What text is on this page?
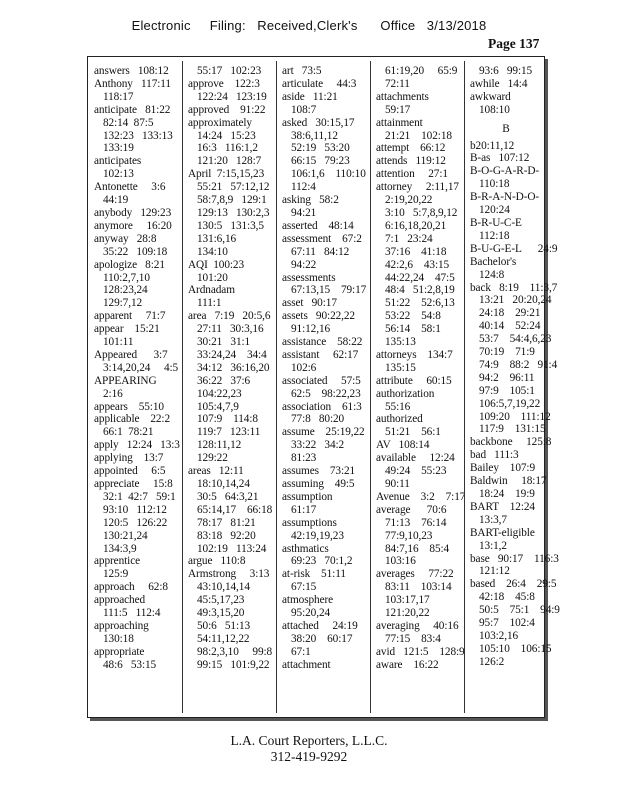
Electronic     Filing:   Received,Clerk's      Office   3/13/2018
Page 137
answers   108:12
Anthony   117:11
118:17
anticipate   81:22
82:14  87:5
132:23   133:13
133:19
anticipates
102:13
Antonette     3:6
44:19
anybody   129:23
anymore     16:20
anyway   28:8
35:22   109:18
apologize   8:21
110:2,7,10
128:23,24
129:7,12
apparent     71:7
appear    15:21
101:11
Appeared      3:7
3:14,20,24     4:5
APPEARING
2:16
appears    55:10
applicable    22:2
66:1  78:21
apply   12:24   13:3
applying    13:7
appointed     6:5
appreciate     15:8
32:1  42:7   59:1
93:10   112:12
120:5   126:22
130:21,24
134:3,9
apprentice
125:9
approach     62:8
approached
111:5   112:4
approaching
130:18
appropriate
48:6   53:15
55:17   102:23
approve    122:3
122:24   123:19
approved    91:22
approximately
14:24   15:23
16:3   116:1,2
121:20   128:7
April  7:15,15,23
55:21   57:12,12
58:7,8,9   129:1
129:13   130:2,3
130:5   131:3,5
131:6,16
134:10
AQI  100:23
101:20
Ardnadam
111:1
area   7:19   20:5,6
27:11   30:3,16
30:21   31:1
33:24,24    34:4
34:12   36:16,20
36:22   37:6
104:22,23
105:4,7,9
107:9    114:8
119:7   123:11
128:11,12
129:22
areas   12:11
18:10,14,24
30:5   64:3,21
65:14,17    66:18
78:17   81:21
83:18   92:20
102:19   113:24
argue   110:8
Armstrong     3:13
43:10,14,14
45:5,17,23
49:3,15,20
50:6   51:13
54:11,12,22
98:2,3,10     99:8
99:15   101:9,22
art   73:5
articulate     44:3
aside   11:21
108:7
asked   30:15,17
38:6,11,12
52:19   53:20
66:15   79:23
106:1,6    110:10
112:4
asking   58:2
94:21
asserted    48:14
assessment    67:2
67:11   84:12
94:22
assessments
67:13,15    79:17
asset   90:17
assets   90:22,22
91:12,16
assistance    58:22
assistant     62:17
102:6
associated     57:5
62:5    98:22,23
association    61:3
77:8   80:20
assume    25:19,22
33:22   34:2
81:23
assumes    73:21
assuming    49:5
assumption
61:17
assumptions
42:19,19,23
asthmatics
69:23   70:1,2
at-risk    51:11
67:15
atmosphere
95:20,24
attached     24:19
38:20    60:17
67:1
attachment
61:19,20     65:9
72:11
attachments
59:17
attainment
21:21    102:18
attempt    66:12
attends   119:12
attention     27:1
attorney     2:11,17
2:19,20,22
3:10   5:7,8,9,12
6:16,18,20,21
7:1   23:24
37:16    41:18
42:2,6    43:15
44:22,24    47:5
48:4   51:2,8,19
51:22    52:6,13
53:22    54:8
56:14    58:1
135:13
attorneys    134:7
135:15
attribute     60:15
authorization
55:16
authorized
51:21    56:1
AV   108:14
available     12:24
49:24    55:23
90:11
Avenue    3:2    7:17
average      70:6
71:13    76:14
77:9,10,23
84:7,16    85:4
103:16
averages     77:22
83:11    103:14
103:17,17
121:20,22
averaging     40:16
77:15    83:4
avid   121:5    128:9
aware    16:22
93:6   99:15
awhile   14:4
awkward
108:10
B
b20:11,12
B-as   107:12
B-O-G-A-R-D-
110:18
B-R-A-N-D-O-
120:24
B-R-U-C-E
112:18
B-U-G-E-L      24:9
Bachelor's
124:8
back   8:19    11:3,7
13:21   20:20,24
24:18    29:21
40:14    52:24
53:7    54:4,6,23
70:19    71:9
74:9    88:2   91:4
94:2    96:11
97:9    105:1
106:5,7,19,22
109:20    111:12
117:9    131:15
backbone     125:8
bad   111:3
Bailey    107:9
Baldwin     18:17
18:24    19:9
BART    12:24
13:3,7
BART-eligible
13:1,2
base   90:17    116:3
121:12
based    26:4    29:5
42:18    45:8
50:5    75:1    94:9
95:7    102:4
103:2,16
105:10    106:15
126:2
L.A. Court Reporters, L.L.C.
312-419-9292
